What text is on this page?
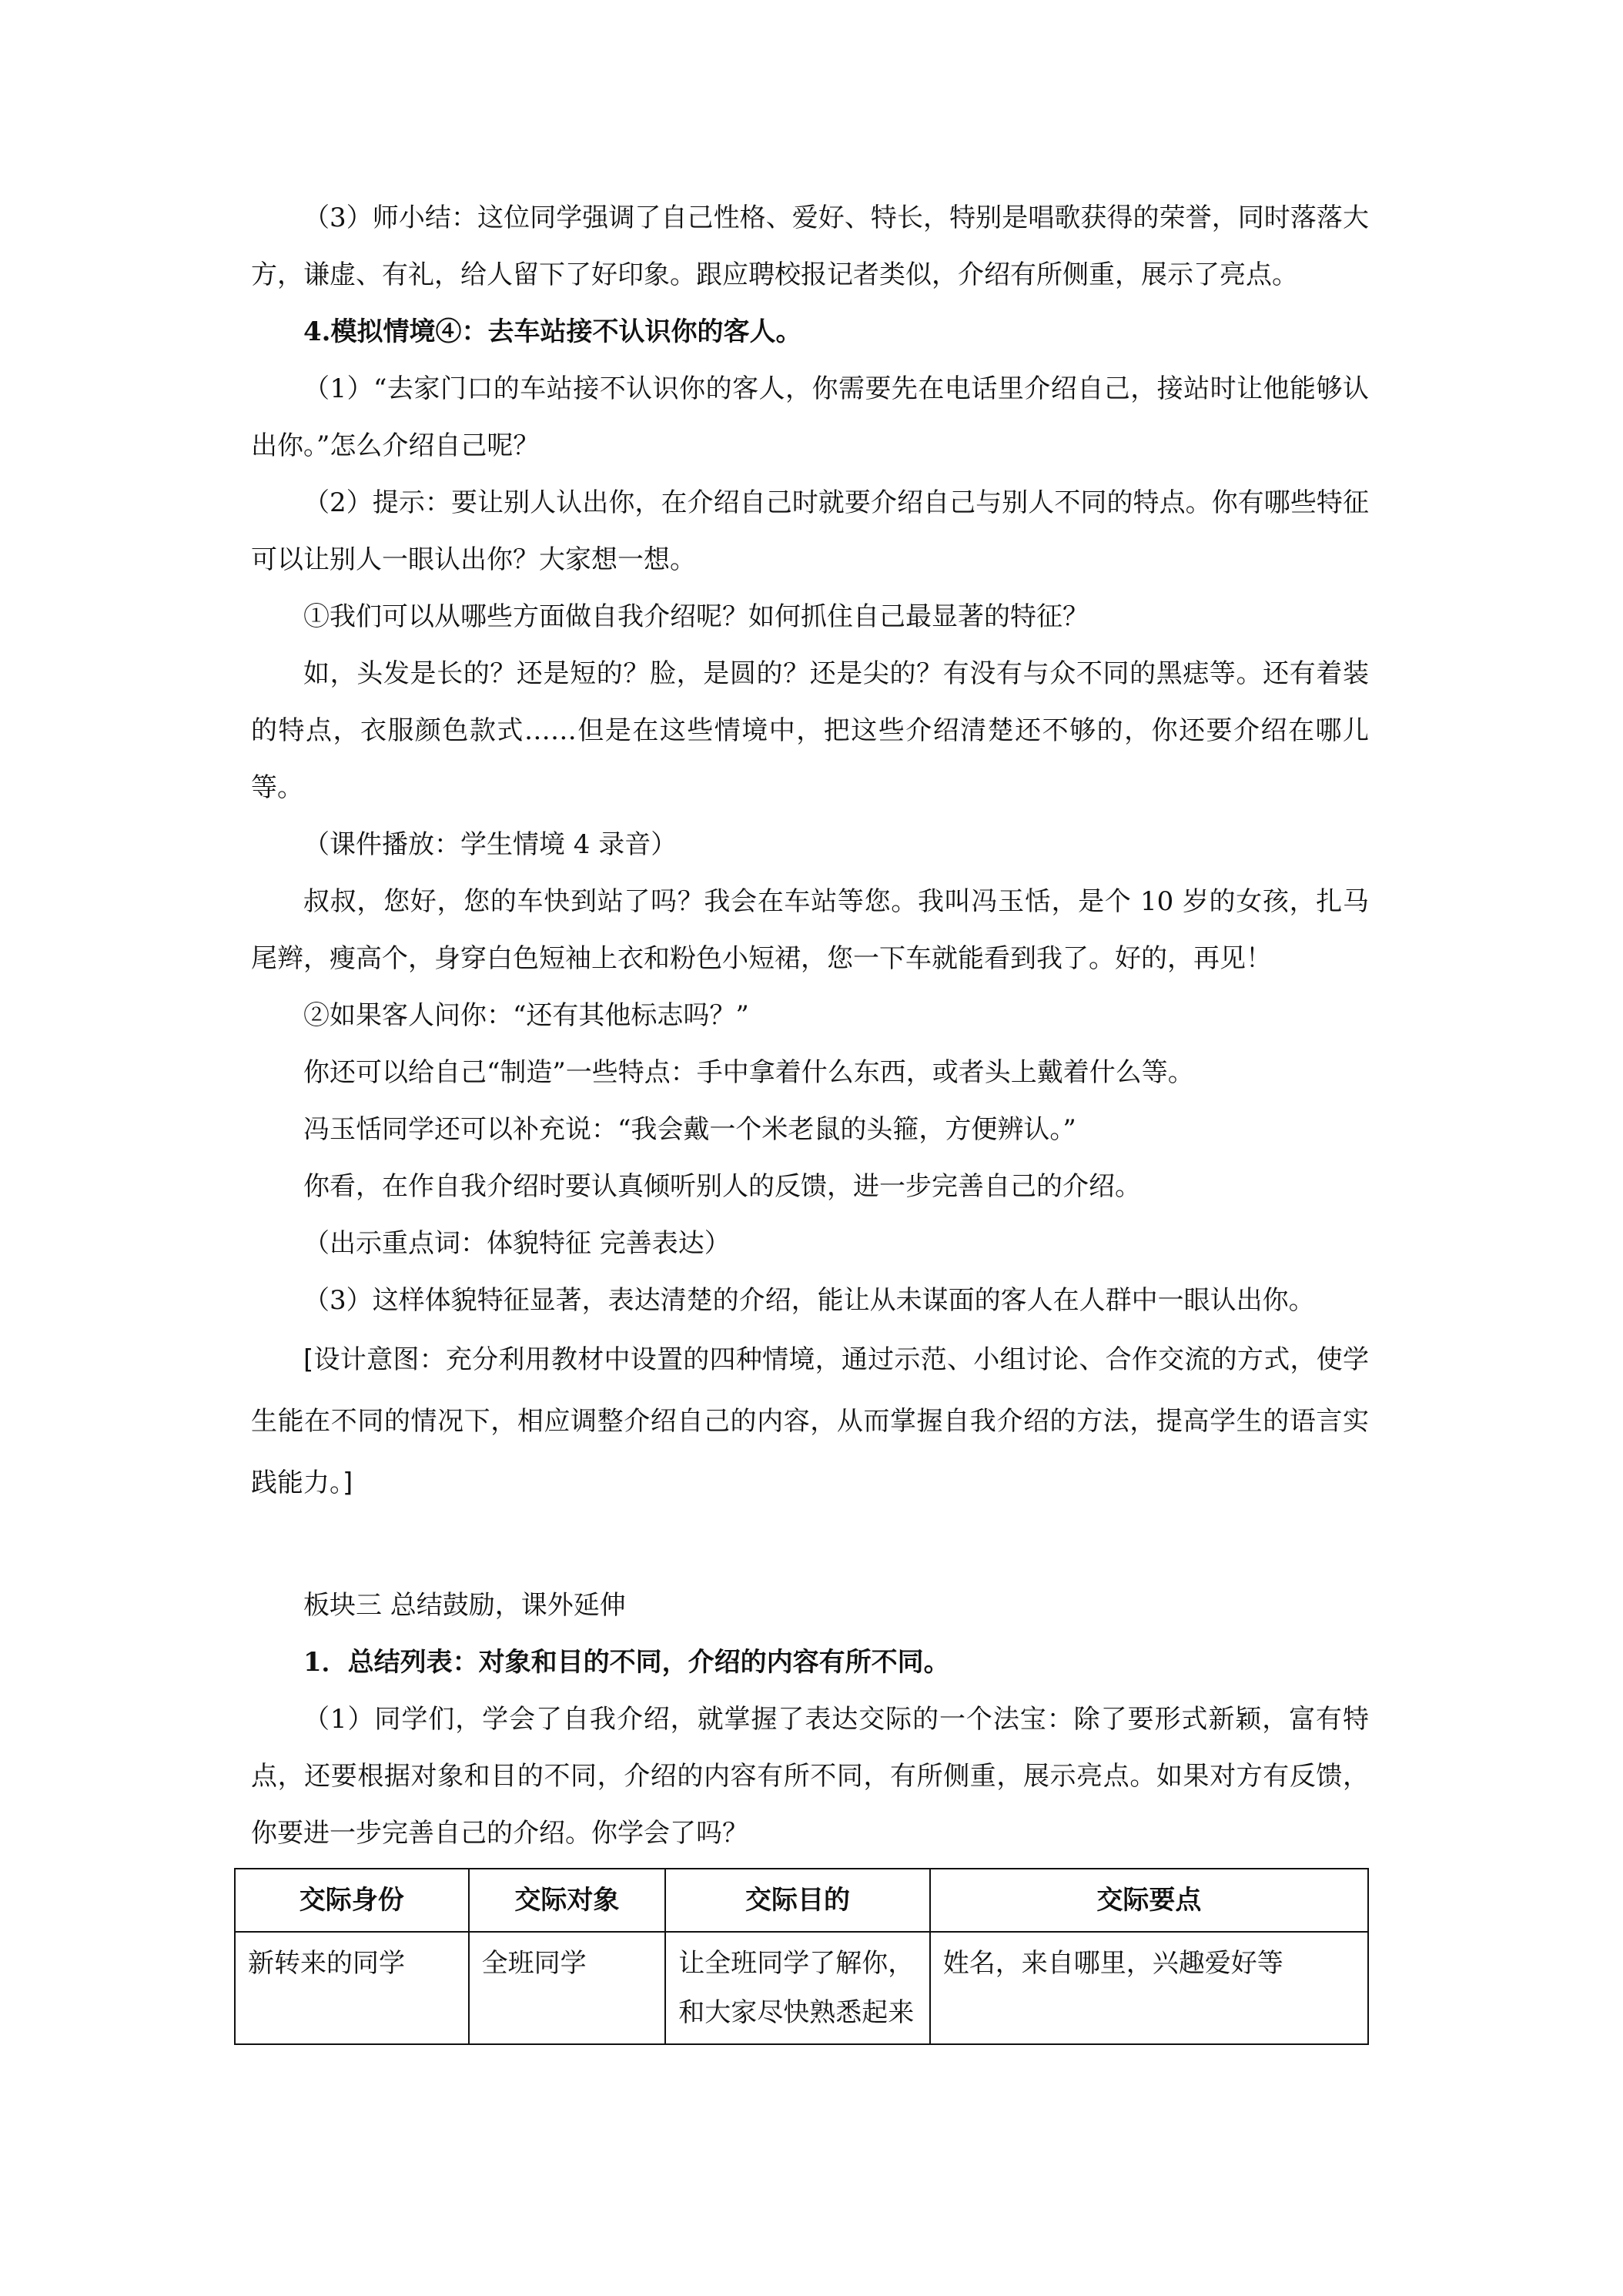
（3）师小结：这位同学强调了自己性格、爱好、特长，特别是唱歌获得的荣誉，同时落落大方，谦虚、有礼，给人留下了好印象。跟应聘校报记者类似，介绍有所侧重，展示了亮点。

4.模拟情境④：去车站接不认识你的客人。

（1）“去家门口的车站接不认识你的客人，你需要先在电话里介绍自己，接站时让他能够认出你。”怎么介绍自己呢？

（2）提示：要让别人认出你，在介绍自己时就要介绍自己与别人不同的特点。你有哪些特征可以让别人一眼认出你？大家想一想。

①我们可以从哪些方面做自我介绍呢？如何抓住自己最显著的特征？

如，头发是长的？还是短的？脸，是圆的？还是尖的？有没有与众不同的黑痣等。还有着装的特点，衣服颜色款式……但是在这些情境中，把这些介绍清楚还不够的，你还要介绍在哪儿等。

（课件播放：学生情境 4 录音）

叔叔，您好，您的车快到站了吗？我会在车站等您。我叫冯玉恬，是个 10 岁的女孩，扎马尾辫，瘦高个，身穿白色短袖上衣和粉色小短裙，您一下车就能看到我了。好的，再见！

②如果客人问你：“还有其他标志吗？”

你还可以给自己“制造”一些特点：手中拿着什么东西，或者头上戴着什么等。

冯玉恬同学还可以补充说：“我会戴一个米老鼠的头箍，方便辨认。”

你看，在作自我介绍时要认真倾听别人的反馈，进一步完善自己的介绍。

（出示重点词：体貌特征 完善表达）

（3）这样体貌特征显著，表达清楚的介绍，能让从未谋面的客人在人群中一眼认出你。

[设计意图：充分利用教材中设置的四种情境，通过示范、小组讨论、合作交流的方式，使学生能在不同的情况下，相应调整介绍自己的内容，从而掌握自我介绍的方法，提高学生的语言实践能力。]

板块三 总结鼓励，课外延伸

1．总结列表：对象和目的不同，介绍的内容有所不同。

（1）同学们，学会了自我介绍，就掌握了表达交际的一个法宝：除了要形式新颖，富有特点，还要根据对象和目的不同，介绍的内容有所不同，有所侧重，展示亮点。如果对方有反馈，你要进一步完善自己的介绍。你学会了吗？

交际身份	交际对象	交际目的	交际要点
新转来的同学	全班同学	让全班同学了解你，和大家尽快熟悉起来	姓名，来自哪里，兴趣爱好等
